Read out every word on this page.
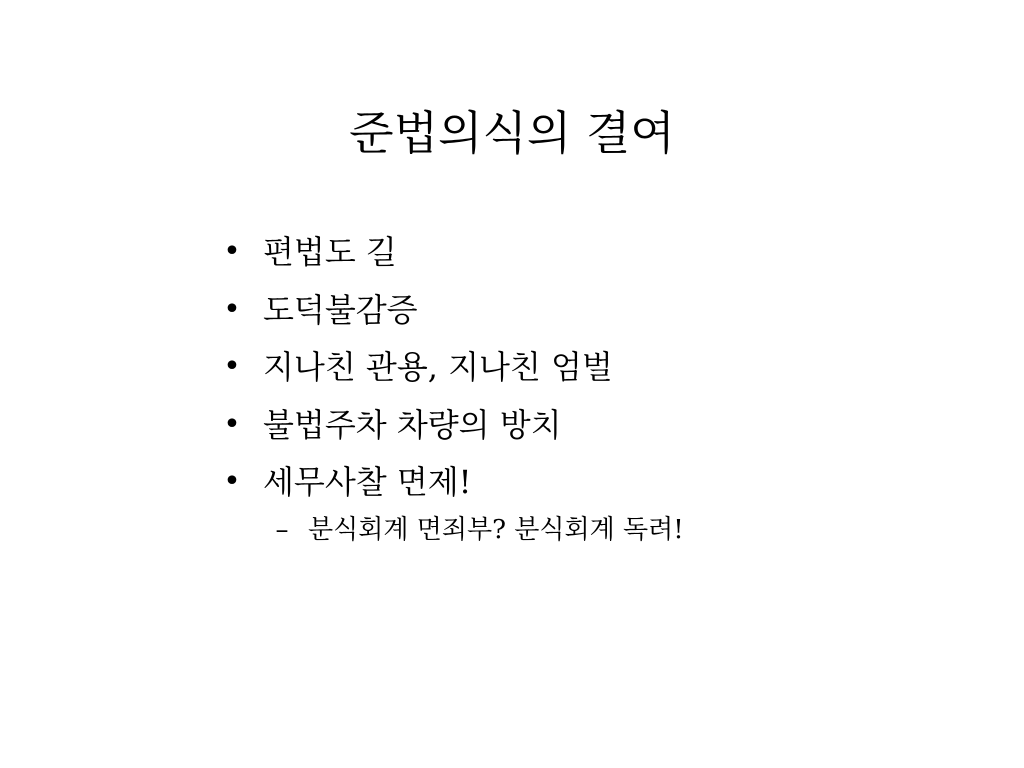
준법의식의 결여
• 편법도 길
• 도덕불감증
• 지나친 관용, 지나친 엄벌
• 불법주차 차량의 방치
• 세무사찰 면제!
– 분식회계 면죄부? 분식회계 독려!
